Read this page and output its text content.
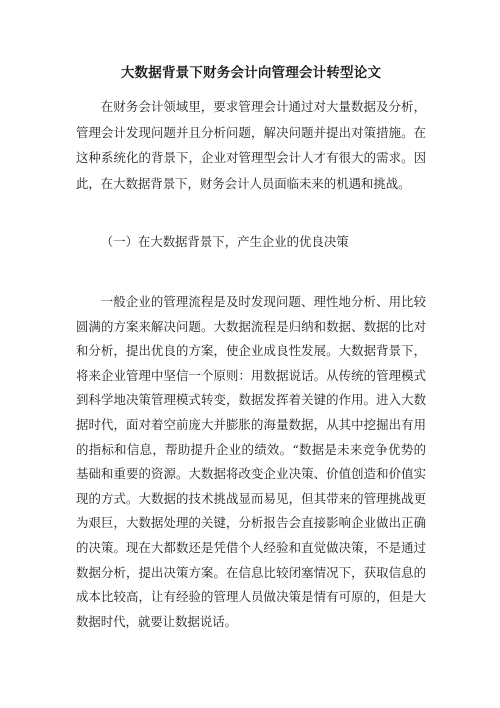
大数据背景下财务会计向管理会计转型论文

在财务会计领域里，要求管理会计通过对大量数据及分析，管理会计发现问题并且分析问题，解决问题并提出对策措施。在这种系统化的背景下，企业对管理型会计人才有很大的需求。因此，在大数据背景下，财务会计人员面临未来的机遇和挑战。

（一）在大数据背景下，产生企业的优良决策

一般企业的管理流程是及时发现问题、理性地分析、用比较圆满的方案来解决问题。大数据流程是归纳和数据、数据的比对和分析，提出优良的方案，使企业成良性发展。大数据背景下，将来企业管理中坚信一个原则：用数据说话。从传统的管理模式到科学地决策管理模式转变，数据发挥着关键的作用。进入大数据时代，面对着空前庞大并膨胀的海量数据，从其中挖掘出有用的指标和信息，帮助提升企业的绩效。“数据是未来竞争优势的基础和重要的资源。大数据将改变企业决策、价值创造和价值实现的方式。大数据的技术挑战显而易见，但其带来的管理挑战更为艰巨，大数据处理的关键，分析报告会直接影响企业做出正确的决策。现在大都数还是凭借个人经验和直觉做决策，不是通过数据分析，提出决策方案。在信息比较闭塞情况下，获取信息的成本比较高，让有经验的管理人员做决策是情有可原的，但是大数据时代，就要让数据说话。
